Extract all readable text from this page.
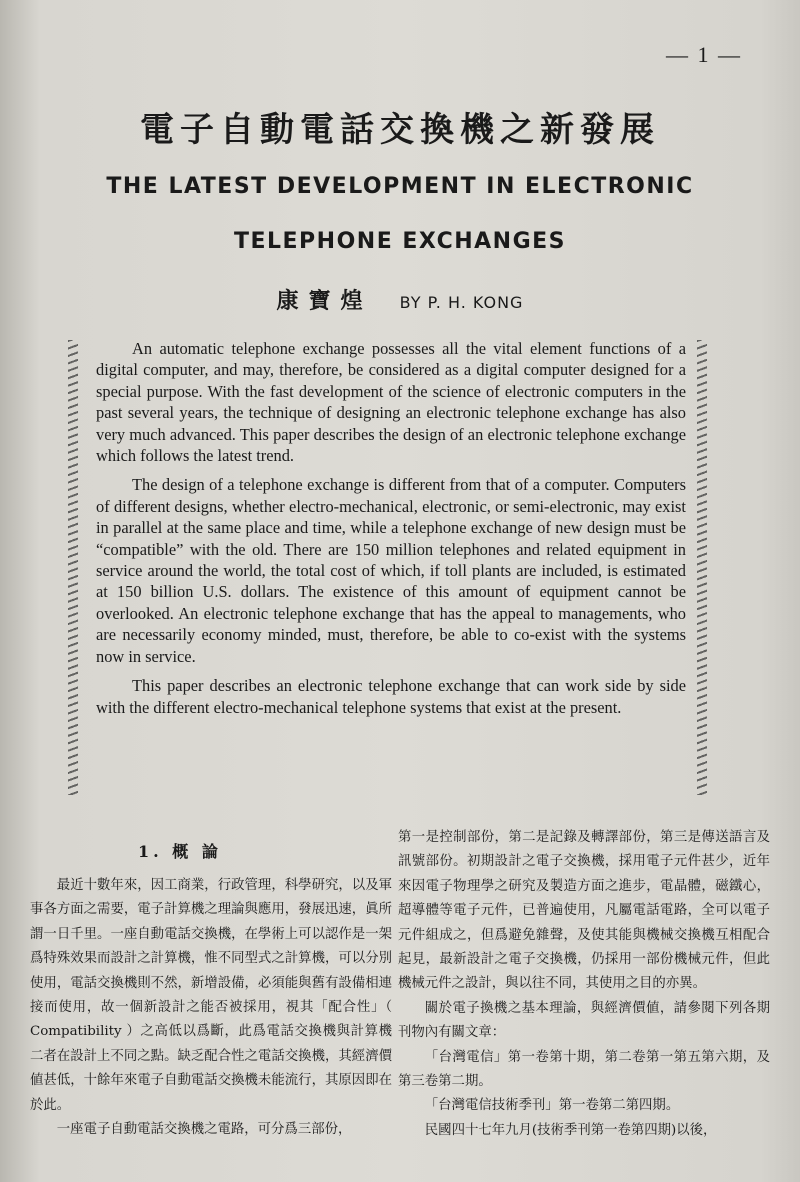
— 1 —
電子自動電話交換機之新發展
THE LATEST DEVELOPMENT IN ELECTRONIC
TELEPHONE EXCHANGES
康寶煌 BY P. H. KONG

An automatic telephone exchange possesses all the vital element functions of a digital computer, and may, therefore, be considered as a digital computer designed for a special purpose. With the fast development of the science of electronic computers in the past several years, the technique of designing an electronic telephone exchange has also very much advanced. This paper describes the design of an electronic telephone exchange which follows the latest trend.

The design of a telephone exchange is different from that of a computer. Computers of different designs, whether electro-mechanical, electronic, or semi-electronic, may exist in parallel at the same place and time, while a telephone exchange of new design must be “compatible” with the old. There are 150 million telephones and related equipment in service around the world, the total cost of which, if toll plants are included, is estimated at 150 billion U.S. dollars. The existence of this amount of equipment cannot be overlooked. An electronic telephone exchange that has the appeal to managements, who are necessarily economy minded, must, therefore, be able to co-exist with the systems now in service.

This paper describes an electronic telephone exchange that can work side by side with the different electro-mechanical telephone systems that exist at the present.

1. 概 論

最近十數年來，因工商業，行政管理，科學研究，以及軍事各方面之需要，電子計算機之理論與應用，發展迅速，眞所謂一日千里。一座自動電話交換機，在學術上可以認作是一架爲特殊效果而設計之計算機，惟不同型式之計算機，可以分別使用，電話交換機則不然，新增設備，必須能與舊有設備相連接而使用，故一個新設計之能否被採用，視其「配合性」（ Compatibility ）之高低以爲斷，此爲電話交換機與計算機二者在設計上不同之點。缺乏配合性之電話交換機，其經濟價値甚低，十餘年來電子自動電話交換機未能流行，其原因即在於此。

一座電子自動電話交換機之電路，可分爲三部份，

第一是控制部份，第二是記錄及轉譯部份，第三是傳送語言及訊號部份。初期設計之電子交換機，採用電子元件甚少，近年來因電子物理學之研究及製造方面之進步，電晶體，磁鐵心，超導體等電子元件，已普遍使用，凡屬電話電路，全可以電子元件組成之，但爲避免雜聲，及使其能與機械交換機互相配合起見，最新設計之電子交換機，仍採用一部份機械元件，但此機械元件之設計，與以往不同，其使用之目的亦異。

關於電子換機之基本理論，與經濟價値，請參閱下列各期刊物內有關文章：

「台灣電信」第一卷第十期，第二卷第一第五第六期，及第三卷第二期。

「台灣電信技術季刊」第一卷第二第四期。

民國四十七年九月(技術季刊第一卷第四期)以後，
